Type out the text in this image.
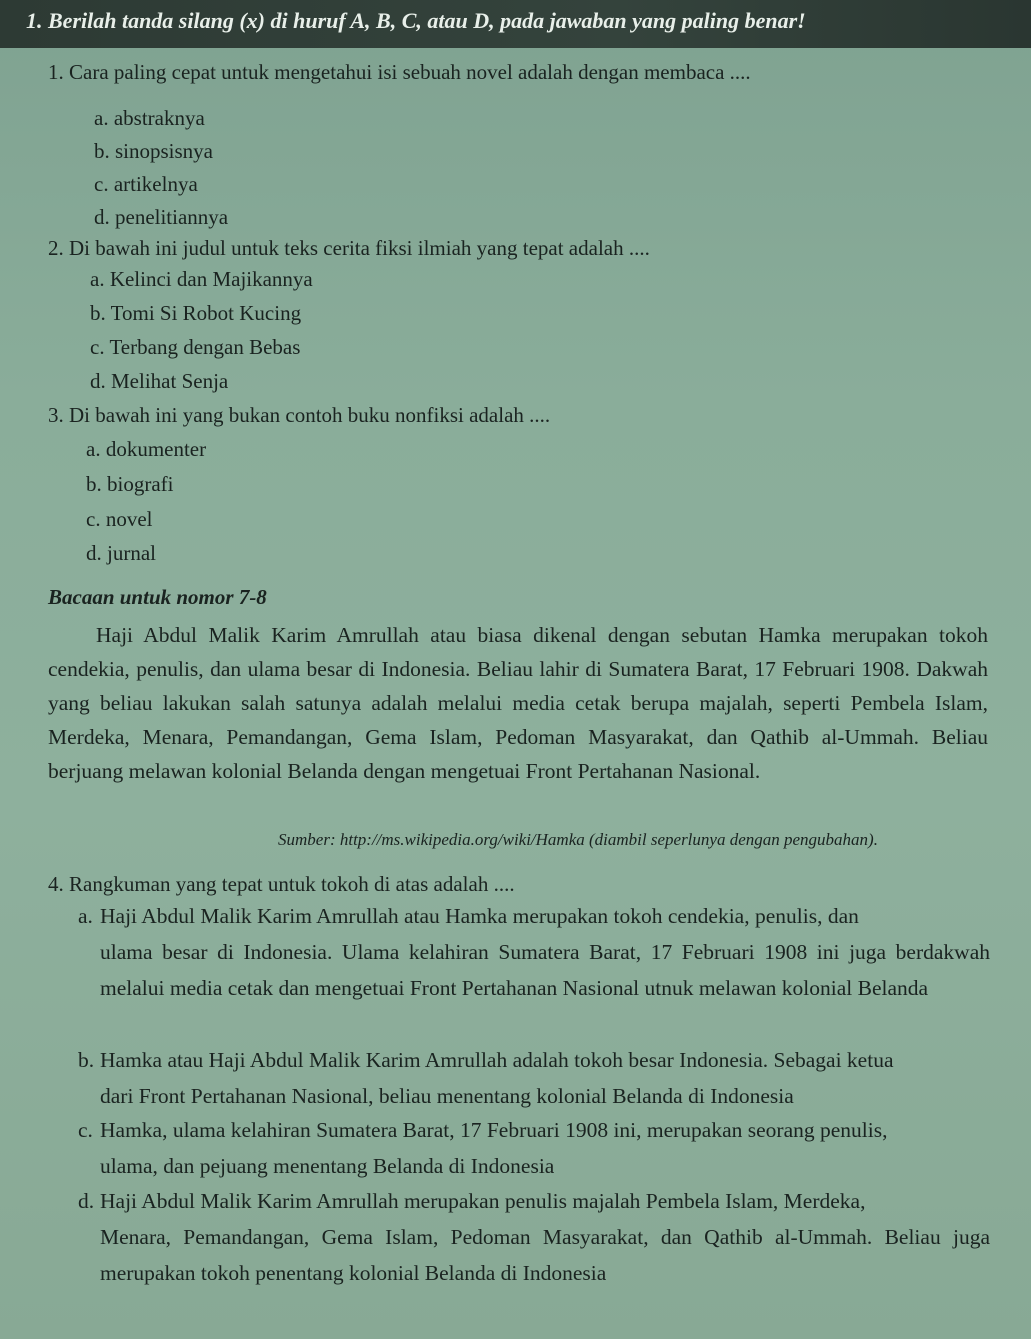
1. Berilah tanda silang (x) di huruf A, B, C, atau D, pada jawaban yang paling benar!
1. Cara paling cepat untuk mengetahui isi sebuah novel adalah dengan membaca ....
a. abstraknya
b. sinopsisnya
c. artikelnya
d. penelitiannya
2. Di bawah ini judul untuk teks cerita fiksi ilmiah yang tepat adalah ....
a. Kelinci dan Majikannya
b. Tomi Si Robot Kucing
c. Terbang dengan Bebas
d. Melihat Senja
3. Di bawah ini yang bukan contoh buku nonfiksi adalah ....
a. dokumenter
b. biografi
c. novel
d. jurnal
Bacaan untuk nomor 7-8

Haji Abdul Malik Karim Amrullah atau biasa dikenal dengan sebutan Hamka merupakan tokoh cendekia, penulis, dan ulama besar di Indonesia. Beliau lahir di Sumatera Barat, 17 Februari 1908. Dakwah yang beliau lakukan salah satunya adalah melalui media cetak berupa majalah, seperti Pembela Islam, Merdeka, Menara, Pemandangan, Gema Islam, Pedoman Masyarakat, dan Qathib al-Ummah. Beliau berjuang melawan kolonial Belanda dengan mengetuai Front Pertahanan Nasional.

Sumber: http://ms.wikipedia.org/wiki/Hamka (diambil seperlunya dengan pengubahan).
4. Rangkuman yang tepat untuk tokoh di atas adalah ....
a. Haji Abdul Malik Karim Amrullah atau Hamka merupakan tokoh cendekia, penulis, dan
ulama besar di Indonesia. Ulama kelahiran Sumatera Barat, 17 Februari 1908 ini juga berdakwah melalui media cetak dan mengetuai Front Pertahanan Nasional utnuk melawan kolonial Belanda
b. Hamka atau Haji Abdul Malik Karim Amrullah adalah tokoh besar Indonesia. Sebagai ketua
dari Front Pertahanan Nasional, beliau menentang kolonial Belanda di Indonesia
c. Hamka, ulama kelahiran Sumatera Barat, 17 Februari 1908 ini, merupakan seorang penulis,
ulama, dan pejuang menentang Belanda di Indonesia
d. Haji Abdul Malik Karim Amrullah merupakan penulis majalah Pembela Islam, Merdeka,
Menara, Pemandangan, Gema Islam, Pedoman Masyarakat, dan Qathib al-Ummah. Beliau juga merupakan tokoh penentang kolonial Belanda di Indonesia
